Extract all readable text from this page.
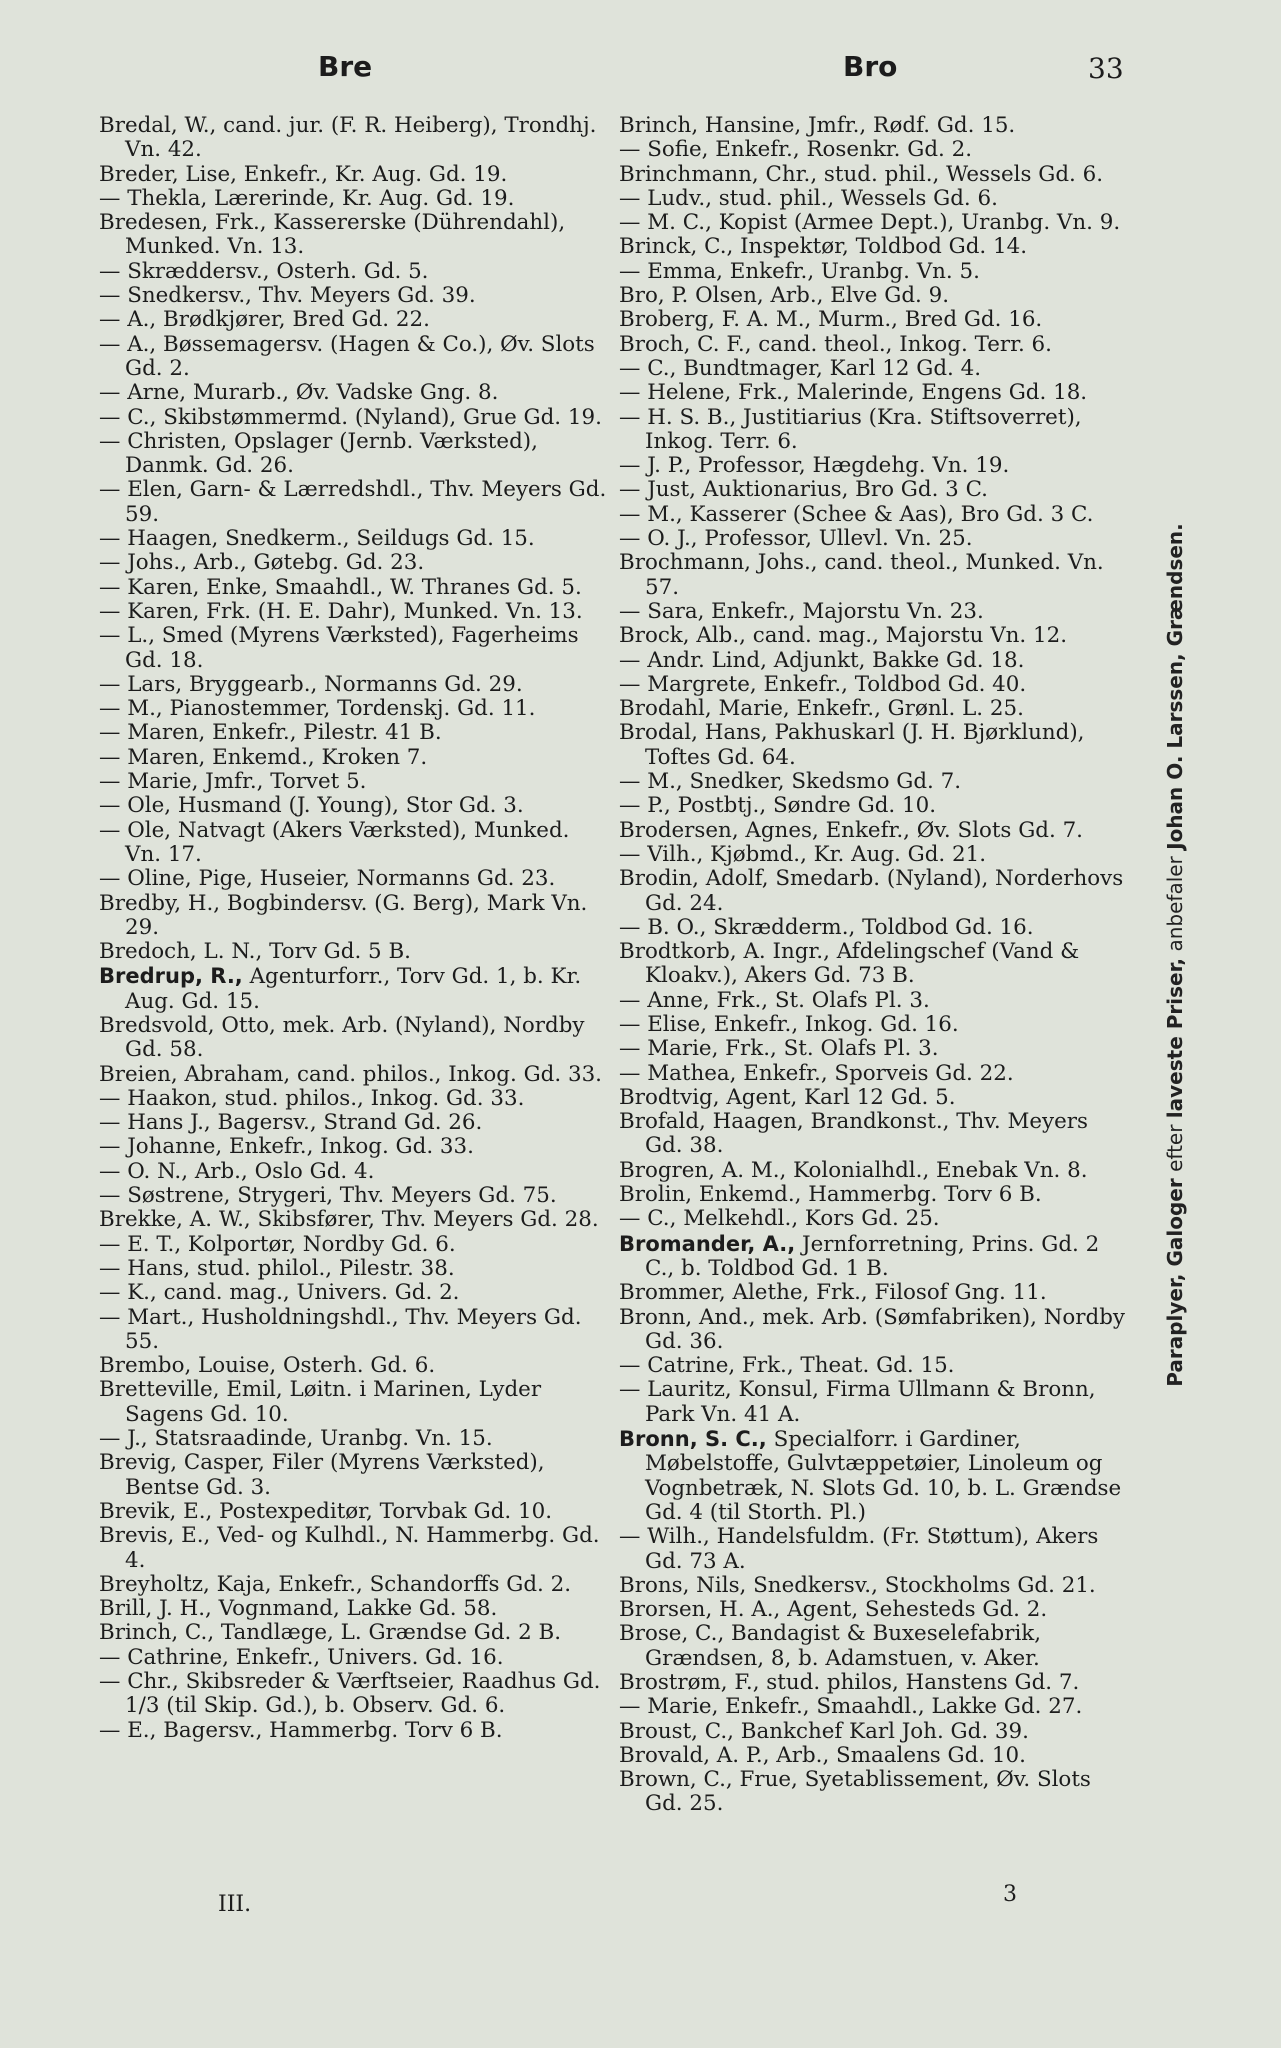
Bre	Bro	33

Bredal, W., cand. jur. (F. R. Heiberg), Trondhj. Vn. 42.

Breder, Lise, Enkefr., Kr. Aug. Gd. 19.

— Thekla, Lærerinde, Kr. Aug. Gd. 19.

Bredesen, Frk., Kassererske (Dührendahl), Munked. Vn. 13.

— Skræddersv., Osterh. Gd. 5.

— Snedkersv., Thv. Meyers Gd. 39.

— A., Brødkjører, Bred Gd. 22.

— A., Bøssemagersv. (Hagen & Co.), Øv. Slots Gd. 2.

— Arne, Murarb., Øv. Vadske Gng. 8.

— C., Skibstømmermd. (Nyland), Grue Gd. 19.

— Christen, Opslager (Jernb. Værksted), Danmk. Gd. 26.

— Elen, Garn- & Lærredshdl., Thv. Meyers Gd. 59.

— Haagen, Snedkerm., Seildugs Gd. 15.

— Johs., Arb., Gøtebg. Gd. 23.

— Karen, Enke, Smaahdl., W. Thranes Gd. 5.

— Karen, Frk. (H. E. Dahr), Munked. Vn. 13.

— L., Smed (Myrens Værksted), Fagerheims Gd. 18.

— Lars, Bryggearb., Normanns Gd. 29.

— M., Pianostemmer, Tordenskj. Gd. 11.

— Maren, Enkefr., Pilestr. 41 B.

— Maren, Enkemd., Kroken 7.

— Marie, Jmfr., Torvet 5.

— Ole, Husmand (J. Young), Stor Gd. 3.

— Ole, Natvagt (Akers Værksted), Munked. Vn. 17.

— Oline, Pige, Huseier, Normanns Gd. 23.

Bredby, H., Bogbindersv. (G. Berg), Mark Vn. 29.

Bredoch, L. N., Torv Gd. 5 B.

Bredrup, R., Agenturforr., Torv Gd. 1, b. Kr. Aug. Gd. 15.

Bredsvold, Otto, mek. Arb. (Nyland), Nordby Gd. 58.

Breien, Abraham, cand. philos., Inkog. Gd. 33.

— Haakon, stud. philos., Inkog. Gd. 33.

— Hans J., Bagersv., Strand Gd. 26.

— Johanne, Enkefr., Inkog. Gd. 33.

— O. N., Arb., Oslo Gd. 4.

— Søstrene, Strygeri, Thv. Meyers Gd. 75.

Brekke, A. W., Skibsfører, Thv. Meyers Gd. 28.

— E. T., Kolportør, Nordby Gd. 6.

— Hans, stud. philol., Pilestr. 38.

— K., cand. mag., Univers. Gd. 2.

— Mart., Husholdningshdl., Thv. Meyers Gd. 55.

Brembo, Louise, Osterh. Gd. 6.

Bretteville, Emil, Løitn. i Marinen, Lyder Sagens Gd. 10.

— J., Statsraadinde, Uranbg. Vn. 15.

Brevig, Casper, Filer (Myrens Værksted), Bentse Gd. 3.

Brevik, E., Postexpeditør, Torvbak Gd. 10.

Brevis, E., Ved- og Kulhdl., N. Hammerbg. Gd. 4.

Breyholtz, Kaja, Enkefr., Schandorffs Gd. 2.

Brill, J. H., Vognmand, Lakke Gd. 58.

Brinch, C., Tandlæge, L. Grændse Gd. 2 B.

— Cathrine, Enkefr., Univers. Gd. 16.

— Chr., Skibsreder & Værftseier, Raadhus Gd. 1/3 (til Skip. Gd.), b. Observ. Gd. 6.

— E., Bagersv., Hammerbg. Torv 6 B.

Brinch, Hansine, Jmfr., Rødf. Gd. 15.

— Sofie, Enkefr., Rosenkr. Gd. 2.

Brinchmann, Chr., stud. phil., Wessels Gd. 6.

— Ludv., stud. phil., Wessels Gd. 6.

— M. C., Kopist (Armee Dept.), Uranbg. Vn. 9.

Brinck, C., Inspektør, Toldbod Gd. 14.

— Emma, Enkefr., Uranbg. Vn. 5.

Bro, P. Olsen, Arb., Elve Gd. 9.

Broberg, F. A. M., Murm., Bred Gd. 16.

Broch, C. F., cand. theol., Inkog. Terr. 6.

— C., Bundtmager, Karl 12 Gd. 4.

— Helene, Frk., Malerinde, Engens Gd. 18.

— H. S. B., Justitiarius (Kra. Stiftsoverret), Inkog. Terr. 6.

— J. P., Professor, Hægdehg. Vn. 19.

— Just, Auktionarius, Bro Gd. 3 C.

— M., Kasserer (Schee & Aas), Bro Gd. 3 C.

— O. J., Professor, Ullevl. Vn. 25.

Brochmann, Johs., cand. theol., Munked. Vn. 57.

— Sara, Enkefr., Majorstu Vn. 23.

Brock, Alb., cand. mag., Majorstu Vn. 12.

— Andr. Lind, Adjunkt, Bakke Gd. 18.

— Margrete, Enkefr., Toldbod Gd. 40.

Brodahl, Marie, Enkefr., Grønl. L. 25.

Brodal, Hans, Pakhuskarl (J. H. Bjørklund), Toftes Gd. 64.

— M., Snedker, Skedsmo Gd. 7.

— P., Postbtj., Søndre Gd. 10.

Brodersen, Agnes, Enkefr., Øv. Slots Gd. 7.

— Vilh., Kjøbmd., Kr. Aug. Gd. 21.

Brodin, Adolf, Smedarb. (Nyland), Norderhovs Gd. 24.

— B. O., Skrædderm., Toldbod Gd. 16.

Brodtkorb, A. Ingr., Afdelingschef (Vand & Kloakv.), Akers Gd. 73 B.

— Anne, Frk., St. Olafs Pl. 3.

— Elise, Enkefr., Inkog. Gd. 16.

— Marie, Frk., St. Olafs Pl. 3.

— Mathea, Enkefr., Sporveis Gd. 22.

Brodtvig, Agent, Karl 12 Gd. 5.

Brofald, Haagen, Brandkonst., Thv. Meyers Gd. 38.

Brogren, A. M., Kolonialhdl., Enebak Vn. 8.

Brolin, Enkemd., Hammerbg. Torv 6 B.

— C., Melkehdl., Kors Gd. 25.

Bromander, A., Jernforretning, Prins. Gd. 2 C., b. Toldbod Gd. 1 B.

Brommer, Alethe, Frk., Filosof Gng. 11.

Bronn, And., mek. Arb. (Sømfabriken), Nordby Gd. 36.

— Catrine, Frk., Theat. Gd. 15.

— Lauritz, Konsul, Firma Ullmann & Bronn, Park Vn. 41 A.

Bronn, S. C., Specialforr. i Gardiner, Møbelstoffe, Gulvtæppetøier, Linoleum og Vognbetræk, N. Slots Gd. 10, b. L. Grændse Gd. 4 (til Storth. Pl.)

— Wilh., Handelsfuldm. (Fr. Støttum), Akers Gd. 73 A.

Brons, Nils, Snedkersv., Stockholms Gd. 21.

Brorsen, H. A., Agent, Sehesteds Gd. 2.

Brose, C., Bandagist & Buxeselefabrik, Grændsen, 8, b. Adamstuen, v. Aker.

Brostrøm, F., stud. philos, Hanstens Gd. 7.

— Marie, Enkefr., Smaahdl., Lakke Gd. 27.

Broust, C., Bankchef Karl Joh. Gd. 39.

Brovald, A. P., Arb., Smaalens Gd. 10.

Brown, C., Frue, Syetablissement, Øv. Slots Gd. 25.

Paraplyer, Galoger efter laveste Priser, anbefaler Johan O. Larssen, Grændsen.
III.	3
